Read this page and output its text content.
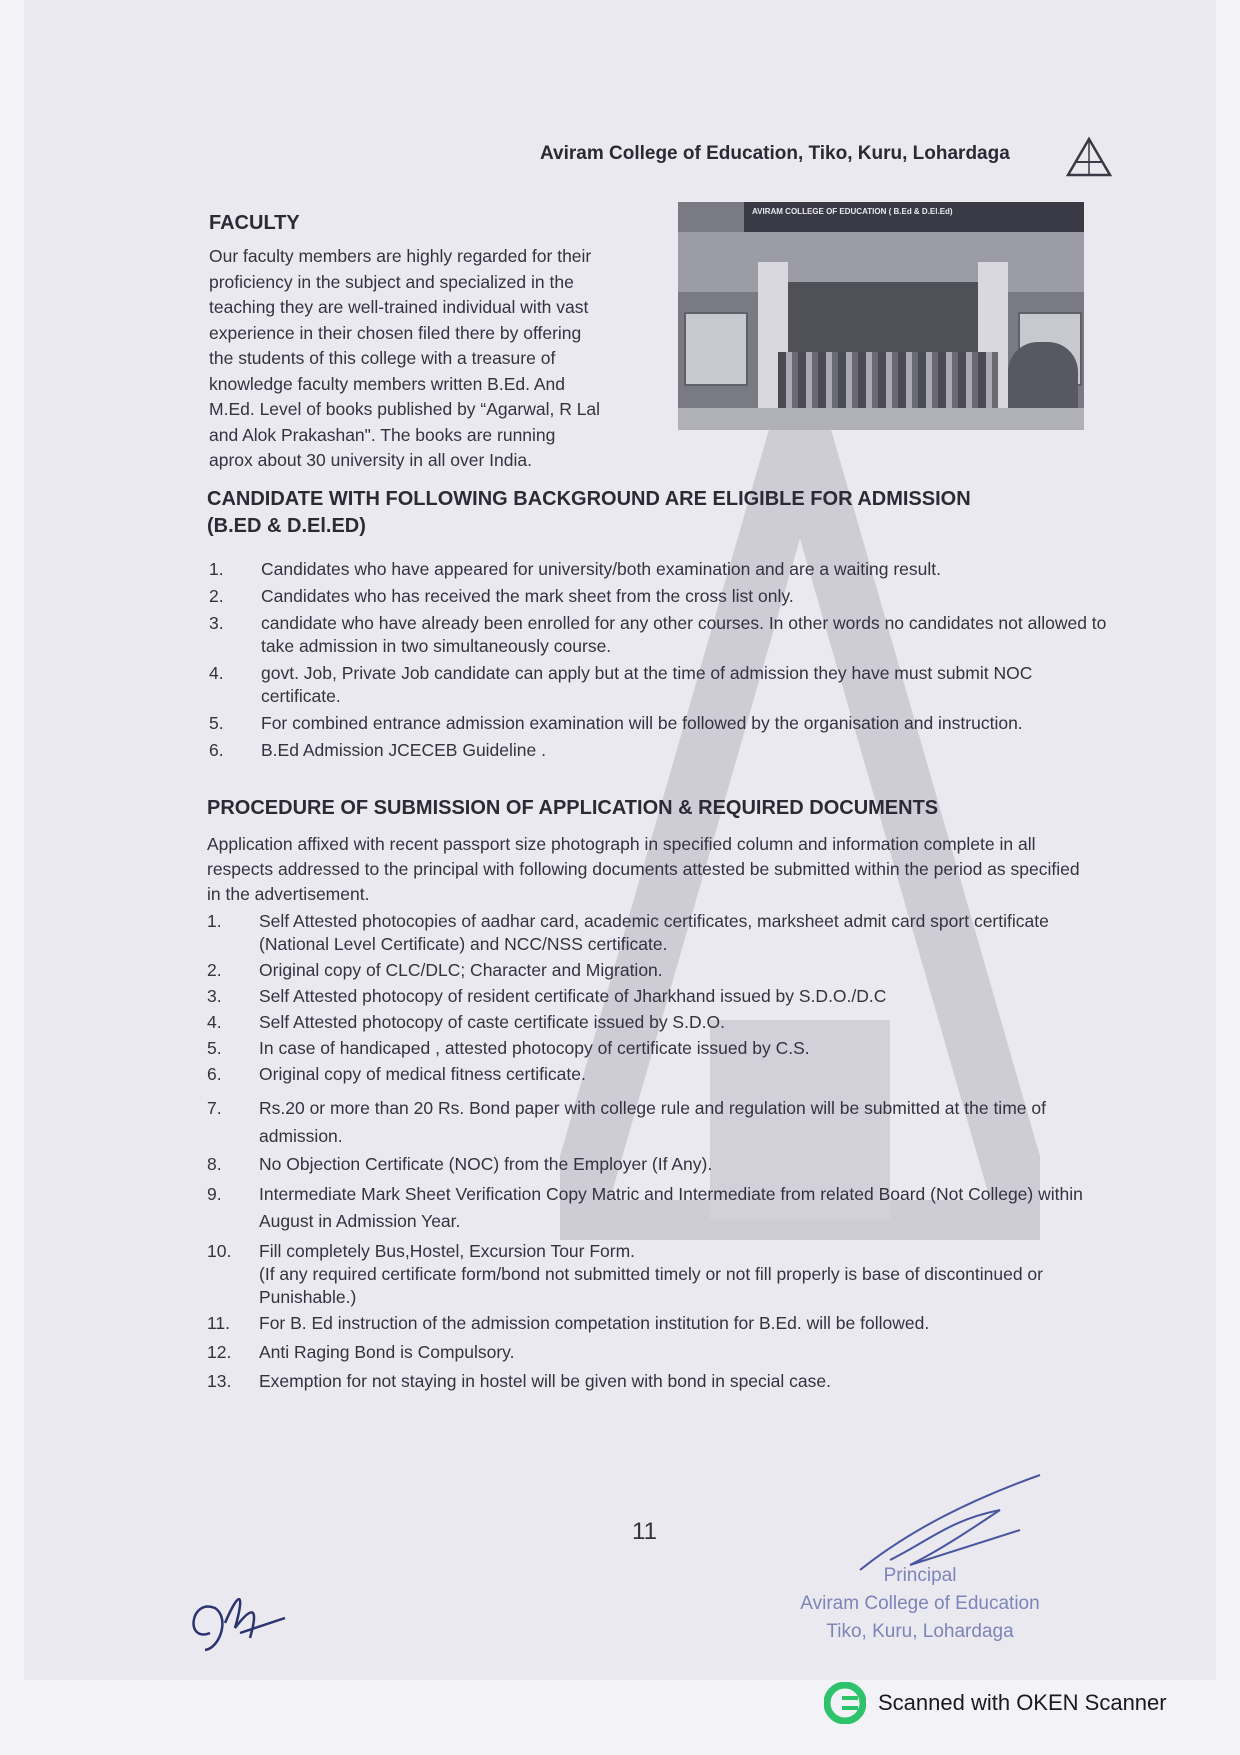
Aviram College of Education, Tiko, Kuru, Lohardaga
FACULTY
Our faculty members are highly regarded for their
proficiency in the subject and specialized in the
teaching they are well-trained individual with vast
experience in their chosen filed there by offering
the students of this college with a treasure of
knowledge faculty members written B.Ed. And
M.Ed. Level of books published by “Agarwal, R Lal
and Alok Prakashan". The books are running
aprox about 30 university in all over India.
AVIRAM COLLEGE OF EDUCATION ( B.Ed & D.El.Ed)
CANDIDATE WITH FOLLOWING BACKGROUND ARE ELIGIBLE FOR ADMISSION
(B.ED & D.El.ED)
1. Candidates who have appeared for university/both examination and are a waiting result.
2. Candidates who has received the mark sheet from the cross list only.
3. candidate who have already been enrolled for any other courses. In other words no candidates not allowed to take admission in two simultaneously course.
4. govt. Job, Private Job candidate can apply but at the time of admission they have must submit NOC certificate.
5. For combined entrance admission examination will be followed by the organisation and instruction.
6. B.Ed Admission JCECEB Guideline .
PROCEDURE OF SUBMISSION OF APPLICATION & REQUIRED DOCUMENTS
Application affixed with recent passport size photograph in specified column and information complete in all respects addressed to the principal with following documents attested be submitted within the period as specified in the advertisement.
1. Self Attested photocopies of aadhar card, academic certificates, marksheet admit card sport certificate (National Level Certificate) and NCC/NSS certificate.
2. Original copy of CLC/DLC; Character and Migration.
3. Self Attested photocopy of resident certificate of Jharkhand issued by S.D.O./D.C
4. Self Attested photocopy of caste certificate issued by S.D.O.
5. In case of handicaped , attested photocopy of certificate issued by C.S.
6. Original copy of medical fitness certificate.
7. Rs.20 or more than 20 Rs. Bond paper with college rule and regulation will be submitted at the time of admission.
8. No Objection Certificate (NOC) from the Employer (If Any).
9. Intermediate Mark Sheet Verification Copy Matric and Intermediate from related Board (Not College) within August in Admission Year.
10. Fill completely Bus,Hostel, Excursion Tour Form.
(If any required certificate form/bond not submitted timely or not fill properly is base of discontinued or Punishable.)
11. For B. Ed instruction of the admission competation institution for B.Ed. will be followed.
12. Anti Raging Bond is Compulsory.
13. Exemption for not staying in hostel will be given with bond in special case.
11
Principal
Aviram College of Education
Tiko, Kuru, Lohardaga
Scanned with OKEN Scanner
